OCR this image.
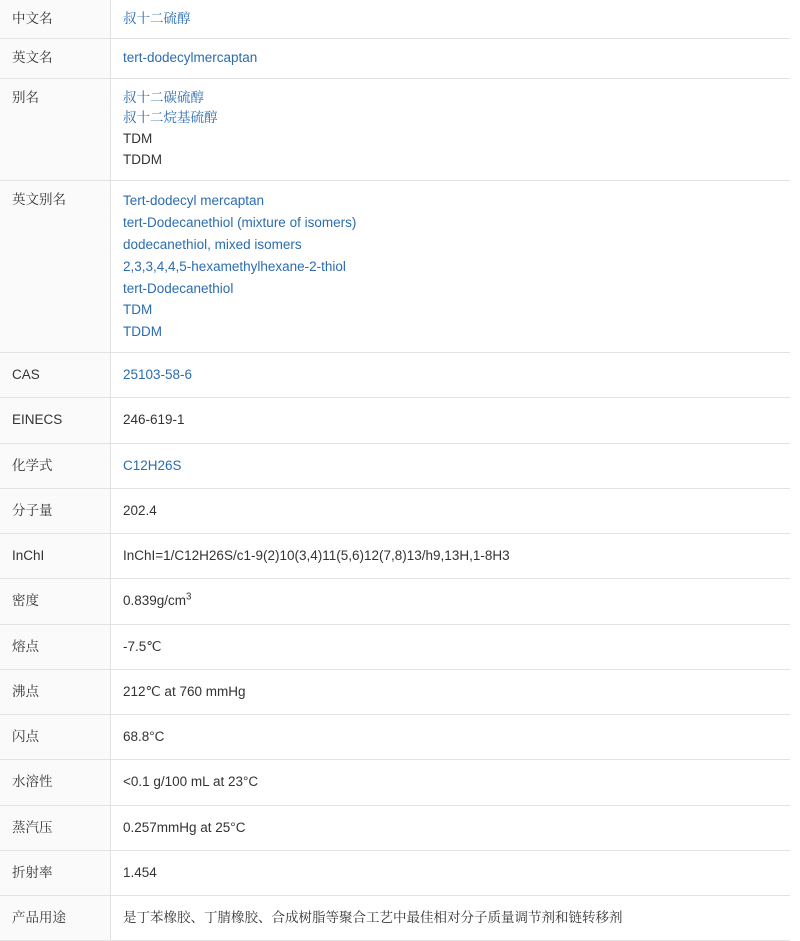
中文名	叔十二硫醇
英文名	tert-dodecylmercaptan
别名	叔十二碳硫醇
叔十二烷基硫醇
TDM
TDDM

英文别名	Tert-dodecyl mercaptan
tert-Dodecanethiol (mixture of isomers)
dodecanethiol, mixed isomers
2,3,3,4,4,5-hexamethylhexane-2-thiol
tert-Dodecanethiol
TDM
TDDM

CAS	25103-58-6
EINECS	246-619-1
化学式	C12H26S
分子量	202.4
InChI	InChI=1/C12H26S/c1-9(2)10(3,4)11(5,6)12(7,8)13/h9,13H,1-8H3
密度	$0.839g/cm^3$
熔点	-7.5℃
沸点	212℃ at 760 mmHg
闪点	68.8°C
水溶性	<0.1 g/100 mL at 23°C
蒸汽压	0.257mmHg at 25°C
折射率	1.454
产品用途	是丁苯橡胶、丁腈橡胶、合成树脂等聚合工艺中最佳相对分子质量调节剂和链转移剂
